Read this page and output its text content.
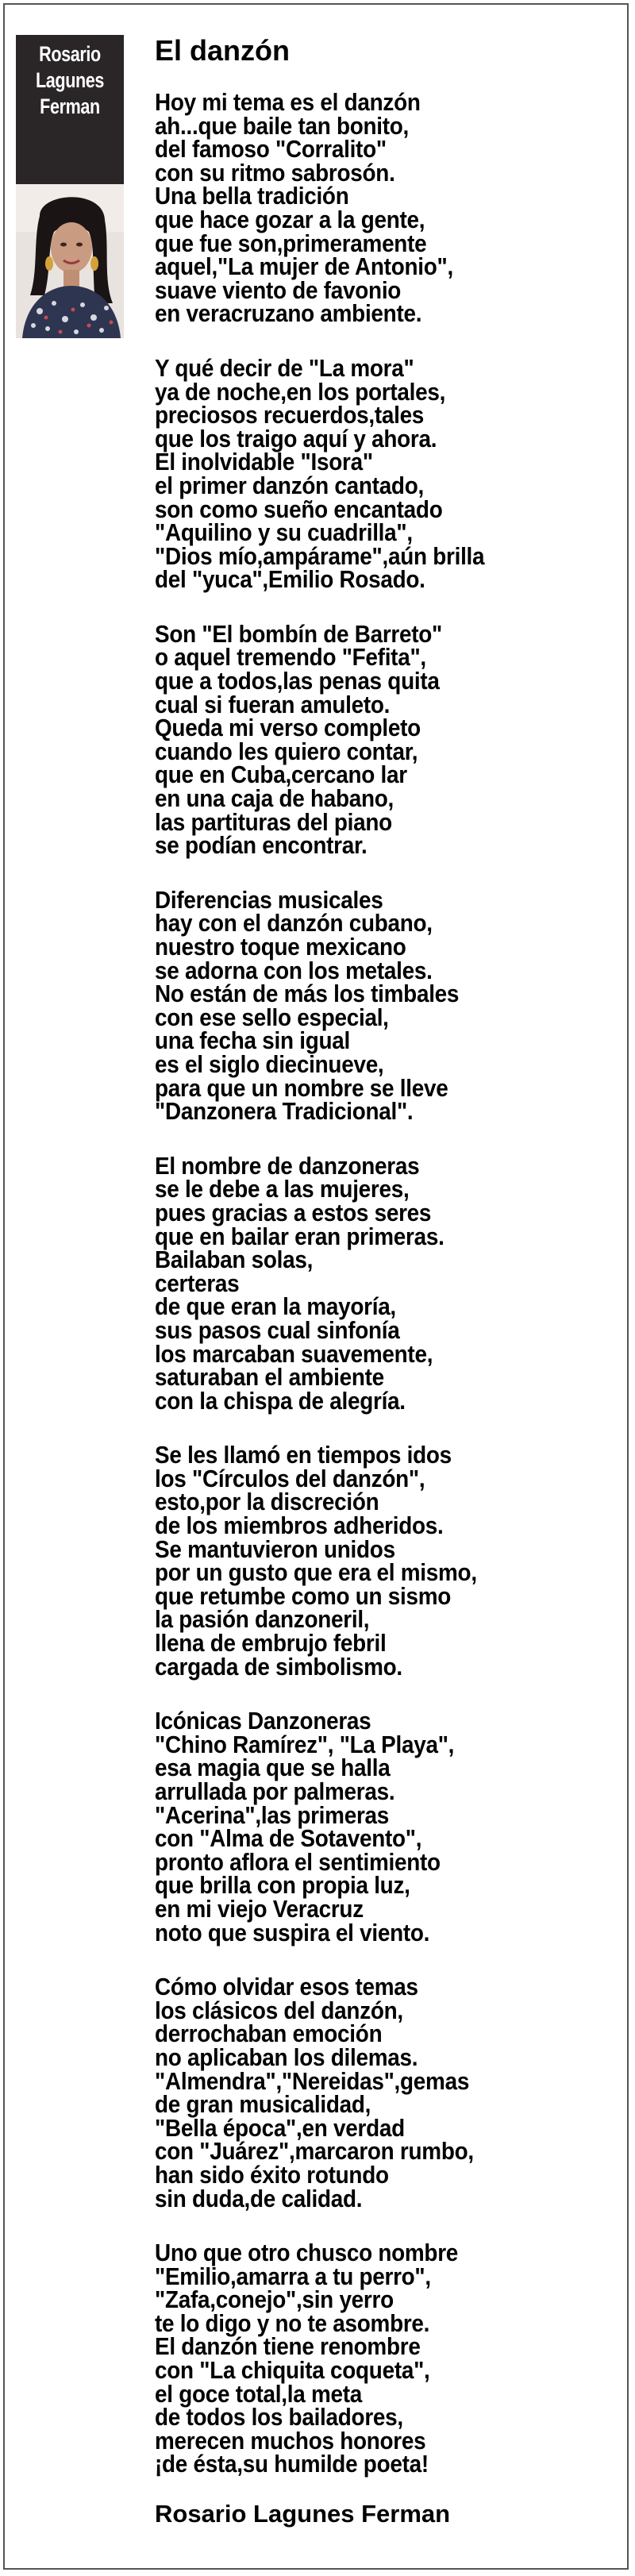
Rosario
Lagunes
Ferman
El danzón
Hoy mi tema es el danzón
ah...que baile tan bonito,
del famoso "Corralito"
con su ritmo sabrosón.
Una bella tradición
que hace gozar a la gente,
que fue son,primeramente
aquel,"La mujer de Antonio",
suave viento de favonio
en veracruzano ambiente.
Y qué decir de "La mora"
ya de noche,en los portales,
preciosos recuerdos,tales
que los traigo aquí y ahora.
El inolvidable "Isora"
el primer danzón cantado,
son como sueño encantado
"Aquilino y su cuadrilla",
"Dios mío,ampárame",aún brilla
del "yuca",Emilio Rosado.
Son "El bombín de Barreto"
o aquel tremendo "Fefita",
que a todos,las penas quita
cual si fueran amuleto.
Queda mi verso completo
cuando les quiero contar,
que en Cuba,cercano lar
en una caja de habano,
las partituras del piano
se podían encontrar.
Diferencias musicales
hay con el danzón cubano,
nuestro toque mexicano
se adorna con los metales.
No están de más los timbales
con ese sello especial,
una fecha sin igual
es el siglo diecinueve,
para que un nombre se lleve
"Danzonera Tradicional".
El nombre de danzoneras
se le debe a las mujeres,
pues gracias a estos seres
que en bailar eran primeras.
Bailaban solas,
certeras
de que eran la mayoría,
sus pasos cual sinfonía
los marcaban suavemente,
saturaban el ambiente
con la chispa de alegría.
Se les llamó en tiempos idos
los "Círculos del danzón",
esto,por la discreción
de los miembros adheridos.
Se mantuvieron unidos
por un gusto que era el mismo,
que retumbe como un sismo
la pasión danzoneril,
llena de embrujo febril
cargada de simbolismo.
Icónicas Danzoneras
"Chino Ramírez", "La Playa",
esa magia que se halla
arrullada por palmeras.
"Acerina",las primeras
con "Alma de Sotavento",
pronto aflora el sentimiento
que brilla con propia luz,
en mi viejo Veracruz
noto que suspira el viento.
Cómo olvidar esos temas
los clásicos del danzón,
derrochaban emoción
no aplicaban los dilemas.
"Almendra","Nereidas",gemas
de gran musicalidad,
"Bella época",en verdad
con "Juárez",marcaron rumbo,
han sido éxito rotundo
sin duda,de calidad.
Uno que otro chusco nombre
"Emilio,amarra a tu perro",
"Zafa,conejo",sin yerro
te lo digo y no te asombre.
El danzón tiene renombre
con "La chiquita coqueta",
el goce total,la meta
de todos los bailadores,
merecen muchos honores
¡de ésta,su humilde poeta!
Rosario Lagunes Ferman
